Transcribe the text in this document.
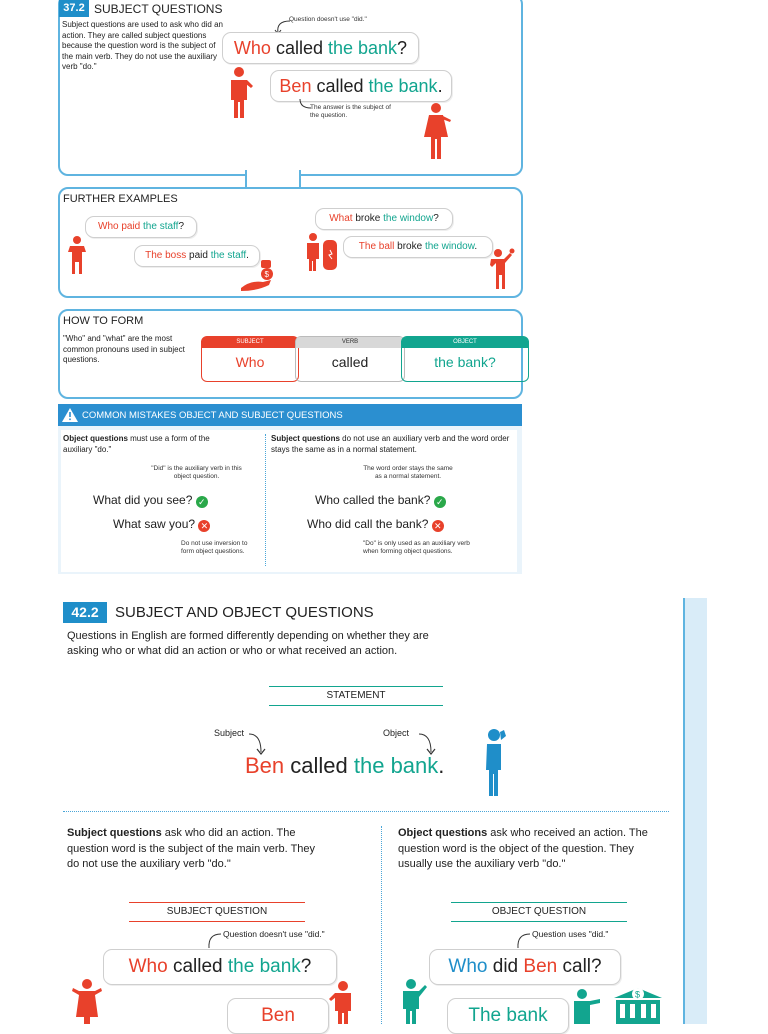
37.2 SUBJECT QUESTIONS
Subject questions are used to ask who did an action. They are called subject questions because the question word is the subject of the main verb. They do not use the auxiliary verb "do."
Question doesn't use "did."
Who called the bank?
Ben called the bank.
The answer is the subject of the question.
FURTHER EXAMPLES
Who paid the staff?
The boss paid the staff.
$
What broke the window?
The ball broke the window.
HOW TO FORM
"Who" and "what" are the most common pronouns used in subject questions.
SUBJECT
Who
VERB
called
OBJECT
the bank?
COMMON MISTAKES OBJECT AND SUBJECT QUESTIONS
Object questions must use a form of the auxiliary "do."
"Did" is the auxiliary verb in this object question.
What did you see? ✓
What saw you? ✕
Do not use inversion to form object questions.
Subject questions do not use an auxiliary verb and the word order stays the same as in a normal statement.
The word order stays the same as a normal statement.
Who called the bank? ✓
Who did call the bank? ✕
"Do" is only used as an auxiliary verb when forming object questions.
42.2	SUBJECT AND OBJECT QUESTIONS
Questions in English are formed differently depending on whether they are asking who or what did an action or who or what received an action.
STATEMENT
Subject	Object
Ben called the bank.
Subject questions ask who did an action. The question word is the subject of the main verb. They do not use the auxiliary verb "do."
Object questions ask who received an action. The question word is the object of the question. They usually use the auxiliary verb "do."
SUBJECT QUESTION	OBJECT QUESTION
Question doesn't use "did."	Question uses "did."
Who called the bank?	Who did Ben call?
Ben	The bank
$
